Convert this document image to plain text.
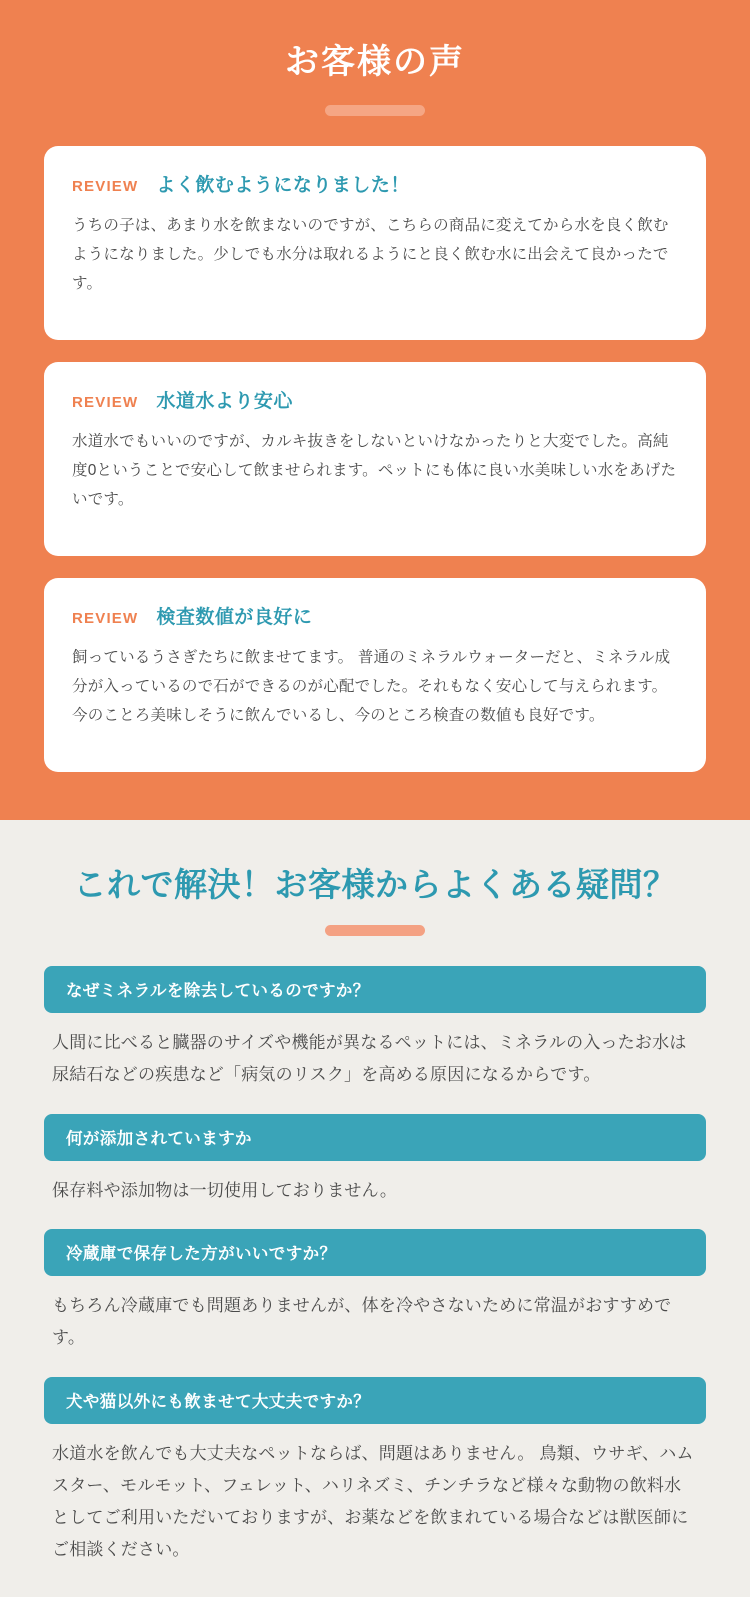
お客様の声
REVIEW よく飲むようになりました！

うちの子は、あまり水を飲まないのですが、こちらの商品に変えてから水を良く飲むようになりました。少しでも水分は取れるようにと良く飲む水に出会えて良かったです。

REVIEW 水道水より安心

水道水でもいいのですが、カルキ抜きをしないといけなかったりと大変でした。高純度0ということで安心して飲ませられます。ペットにも体に良い水美味しい水をあげたいです。

REVIEW 検査数値が良好に

飼っているうさぎたちに飲ませてます。 普通のミネラルウォーターだと、ミネラル成分が入っているので石ができるのが心配でした。それもなく安心して与えられます。今のことろ美味しそうに飲んでいるし、今のところ検査の数値も良好です。

これで解決！お客様からよくある疑問？
なぜミネラルを除去しているのですか？
人間に比べると臓器のサイズや機能が異なるペットには、ミネラルの入ったお水は尿結石などの疾患など「病気のリスク」を高める原因になるからです。
何が添加されていますか
保存料や添加物は一切使用しておりません。
冷蔵庫で保存した方がいいですか？
もちろん冷蔵庫でも問題ありませんが、体を冷やさないために常温がおすすめです。
犬や猫以外にも飲ませて大丈夫ですか？
水道水を飲んでも大丈夫なペットならば、問題はありません。 鳥類、ウサギ、ハムスター、モルモット、フェレット、ハリネズミ、チンチラなど様々な動物の飲料水としてご利用いただいておりますが、お薬などを飲まれている場合などは獣医師にご相談ください。
